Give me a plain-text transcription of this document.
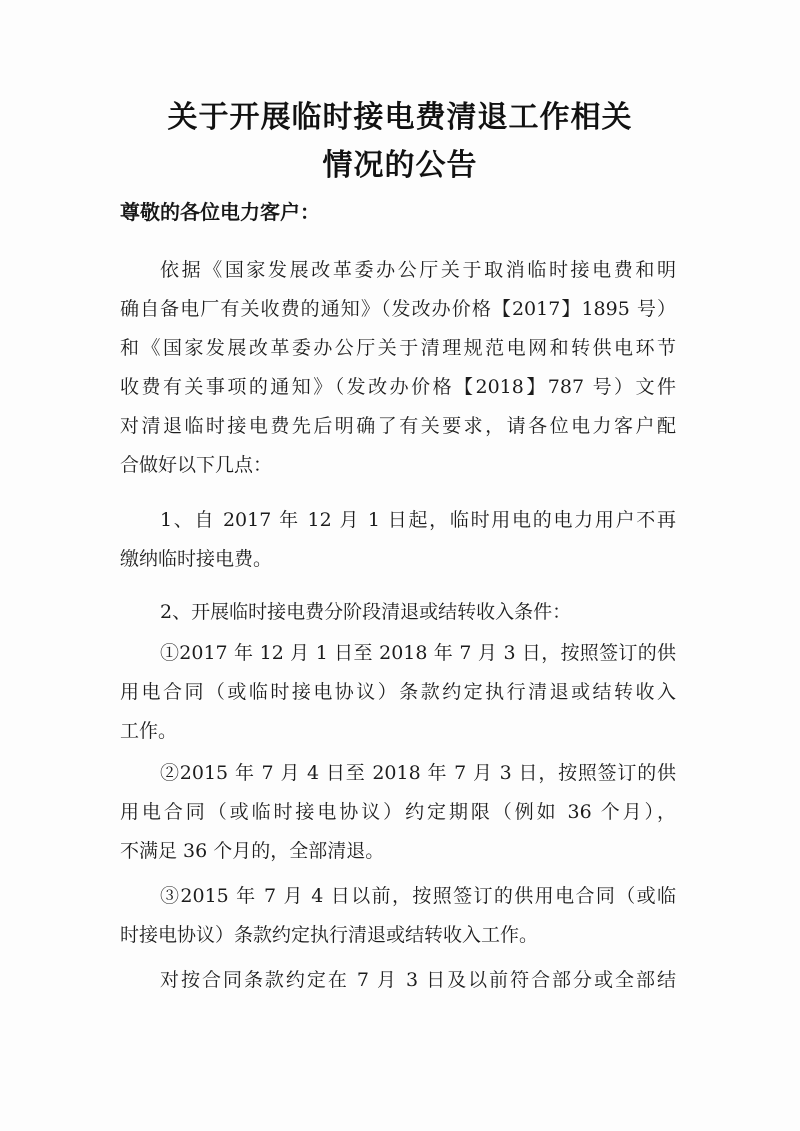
关于开展临时接电费清退工作相关
情况的公告
尊敬的各位电力客户：
依据《国家发展改革委办公厅关于取消临时接电费和明
确自备电厂有关收费的通知》（发改办价格【2017】1895 号）
和《国家发展改革委办公厅关于清理规范电网和转供电环节
收费有关事项的通知》（发改办价格【2018】787 号）文件
对清退临时接电费先后明确了有关要求，请各位电力客户配
合做好以下几点：
1、自 2017 年 12 月 1 日起，临时用电的电力用户不再
缴纳临时接电费。
2、开展临时接电费分阶段清退或结转收入条件：
①2017 年 12 月 1 日至 2018 年 7 月 3 日，按照签订的供
用电合同（或临时接电协议）条款约定执行清退或结转收入
工作。
②2015 年 7 月 4 日至 2018 年 7 月 3 日，按照签订的供
用电合同（或临时接电协议）约定期限（例如 36 个月），
不满足 36 个月的，全部清退。
③2015 年 7 月 4 日以前，按照签订的供用电合同（或临
时接电协议）条款约定执行清退或结转收入工作。
对按合同条款约定在 7 月 3 日及以前符合部分或全部结
